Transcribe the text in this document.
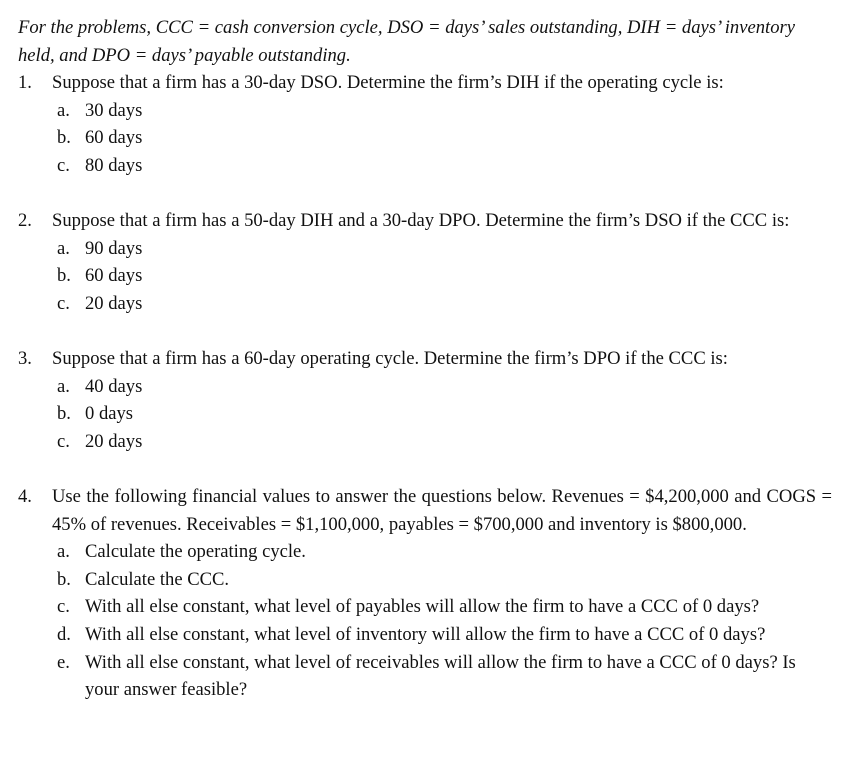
For the problems, CCC = cash conversion cycle, DSO = days’ sales outstanding, DIH = days’ inventory held, and DPO = days’ payable outstanding.

1.	Suppose that a firm has a 30-day DSO. Determine the firm’s DIH if the operating cycle is:
a. 30 days
b. 60 days
c. 80 days
2.	Suppose that a firm has a 50-day DIH and a 30-day DPO. Determine the firm’s DSO if the CCC is:
a. 90 days
b. 60 days
c. 20 days
3.	Suppose that a firm has a 60-day operating cycle. Determine the firm’s DPO if the CCC is:
a. 40 days
b. 0 days
c. 20 days
4.	Use the following financial values to answer the questions below. Revenues = $4,200,000 and COGS = 45% of revenues. Receivables = $1,100,000, payables = $700,000 and inventory is $800,000.
a. Calculate the operating cycle.
b. Calculate the CCC.
c. With all else constant, what level of payables will allow the firm to have a CCC of 0 days?
d. With all else constant, what level of inventory will allow the firm to have a CCC of 0 days?
e. With all else constant, what level of receivables will allow the firm to have a CCC of 0 days? Is your answer feasible?
